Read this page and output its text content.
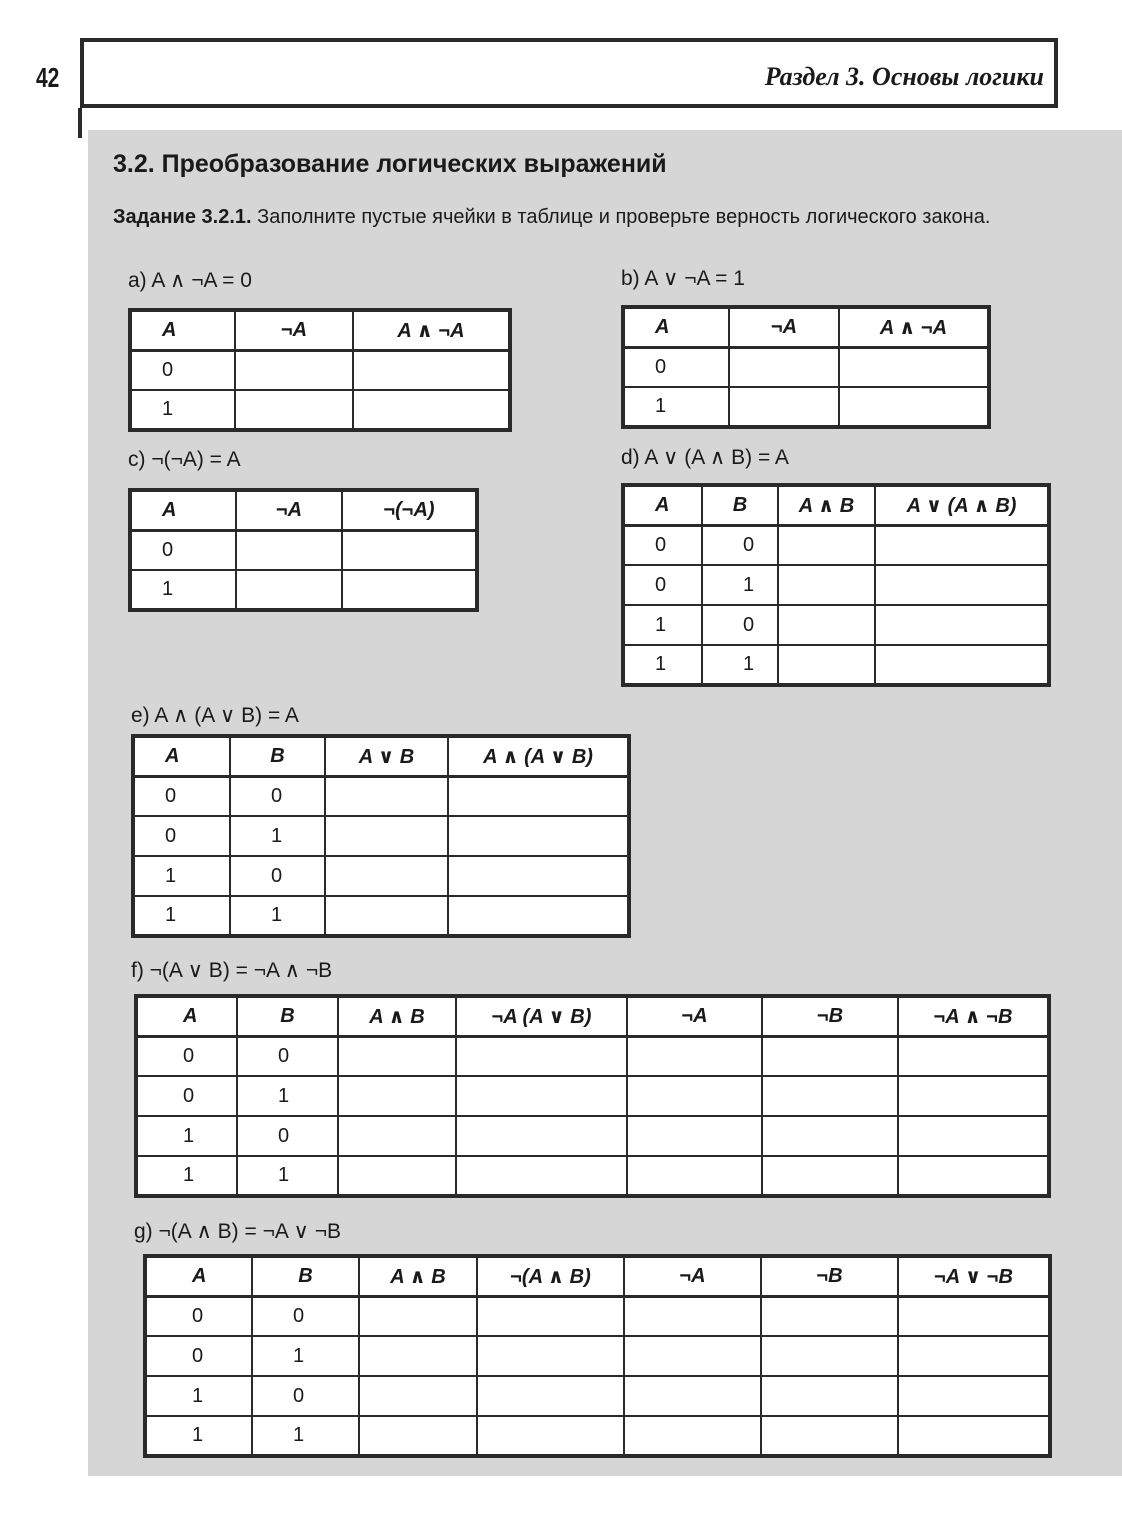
42	Раздел 3. Основы логики
3.2. Преобразование логических выражений
Задание 3.2.1. Заполните пустые ячейки в таблице и проверьте верность логического закона.
a) A ∧ ¬A = 0
A	¬A	A ∧ ¬A
0		
1		
b) A ∨ ¬A = 1
A	¬A	A ∧ ¬A
0		
1		
c) ¬(¬A) = A
A	¬A	¬(¬A)
0		
1		
d) A ∨ (A ∧ B) = A
A	B	A ∧ B	A ∨ (A ∧ B)
0	0		
0	1		
1	0		
1	1		
e) A ∧ (A ∨ B) = A
A	B	A ∨ B	A ∧ (A ∨ B)
0	0		
0	1		
1	0		
1	1		
f) ¬(A ∨ B) = ¬A ∧ ¬B
A	B	A ∧ B	¬A (A ∨ B)	¬A	¬B	¬A ∧ ¬B
0	0					
0	1					
1	0					
1	1					
g) ¬(A ∧ B) = ¬A ∨ ¬B
A	B	A ∧ B	¬(A ∧ B)	¬A	¬B	¬A ∨ ¬B
0	0					
0	1					
1	0					
1	1					
